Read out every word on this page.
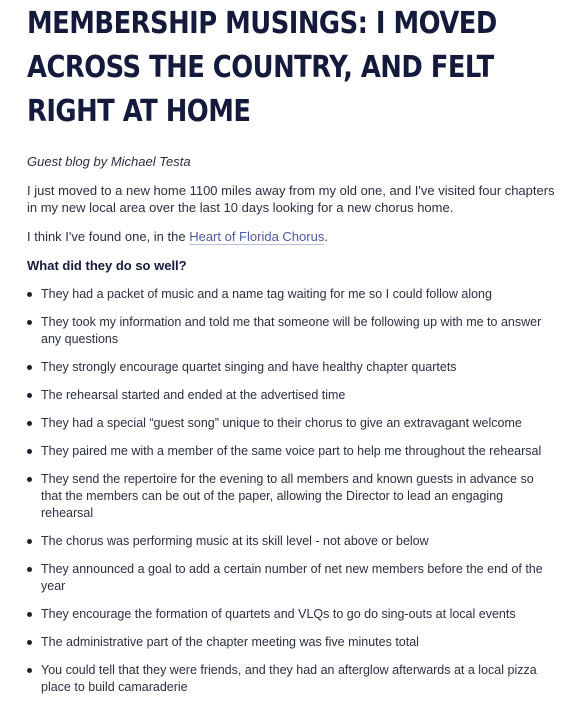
MEMBERSHIP MUSINGS: I MOVED ACROSS THE COUNTRY, AND FELT RIGHT AT HOME

Guest blog by Michael Testa

I just moved to a new home 1100 miles away from my old one, and I've visited four chapters in my new local area over the last 10 days looking for a new chorus home.

I think I've found one, in the Heart of Florida Chorus.

What did they do so well?

They had a packet of music and a name tag waiting for me so I could follow along
They took my information and told me that someone will be following up with me to answer any questions
They strongly encourage quartet singing and have healthy chapter quartets
The rehearsal started and ended at the advertised time
They had a special “guest song” unique to their chorus to give an extravagant welcome
They paired me with a member of the same voice part to help me throughout the rehearsal
They send the repertoire for the evening to all members and known guests in advance so that the members can be out of the paper, allowing the Director to lead an engaging rehearsal
The chorus was performing music at its skill level - not above or below
They announced a goal to add a certain number of net new members before the end of the year
They encourage the formation of quartets and VLQs to go do sing-outs at local events
The administrative part of the chapter meeting was five minutes total
You could tell that they were friends, and they had an afterglow afterwards at a local pizza place to build camaraderie
